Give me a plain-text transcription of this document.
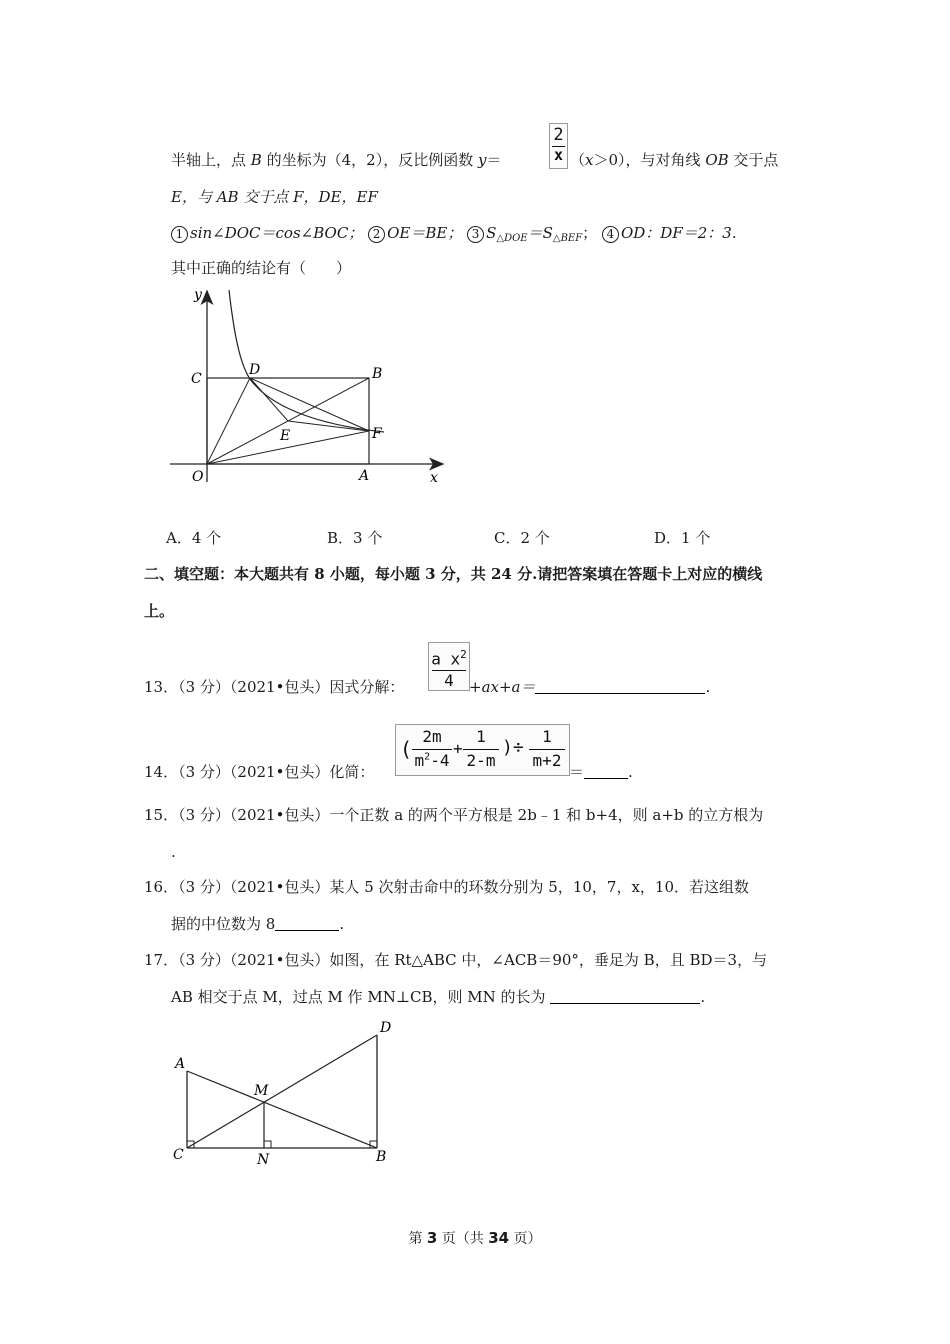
半轴上，点 B 的坐标为（4，2），反比例函数 y＝
2
x （x＞0），与对角线 OB 交于点
E，与 AB 交于点 F，DE，EF
1 sin∠DOC＝cos∠BOC； 2 OE＝BE； 3 $S_{\triangle DOE}=S_{\triangle BEF}$； 4 OD：DF＝2：3.
其中正确的结论有（　　）
y
x
O
C
D	B
E	F
A
A．4 个	B．3 个	C．2 个	D．1 个
二、填空题：本大题共有 8 小题，每小题 3 分，共 24 分.请把答案填在答题卡上对应的横线
上。
13．（3 分）（2021•包头）因式分解：
a $x^2$
4	+ax+a＝	.
14．（3 分）（2021•包头）化简：
(
2m
$m^2-4$
+
1
2-m
)÷
1
m+2
＝	.
15．（3 分）（2021•包头）一个正数 a 的两个平方根是 2b﹣1 和 b+4，则 a+b 的立方根为
.
16．（3 分）（2021•包头）某人 5 次射击命中的环数分别为 5，10，7，x，10．若这组数
据的中位数为 8	.
17．（3 分）（2021•包头）如图，在 Rt△ABC 中，∠ACB＝90°，垂足为 B，且 BD＝3，与
AB 相交于点 M，过点 M 作 MN⊥CB，则 MN 的长为	.
A
M
D
C	N	B
第 3 页（共 34 页）
